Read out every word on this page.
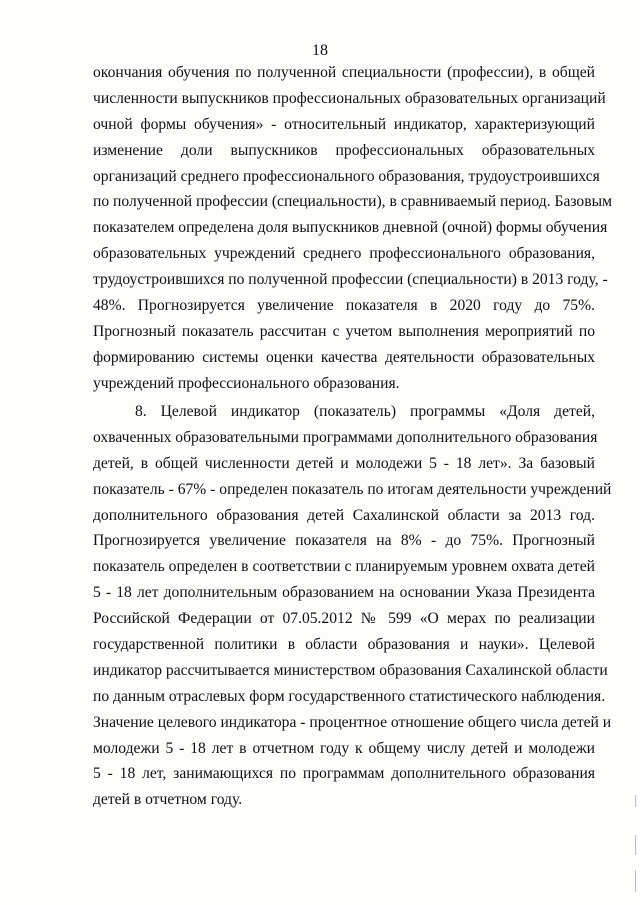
18
окончания обучения по полученной специальности (профессии), в общей
численности выпускников профессиональных образовательных организаций
очной формы обучения» - относительный индикатор, характеризующий
изменение доли выпускников профессиональных образовательных
организаций среднего профессионального образования, трудоустроившихся
по полученной профессии (специальности), в сравниваемый период. Базовым
показателем определена доля выпускников дневной (очной) формы обучения
образовательных учреждений среднего профессионального образования,
трудоустроившихся по полученной профессии (специальности) в 2013 году, -
48%. Прогнозируется увеличение показателя в 2020 году до 75%.
Прогнозный показатель рассчитан с учетом выполнения мероприятий по
формированию системы оценки качества деятельности образовательных
учреждений профессионального образования.
8. Целевой индикатор (показатель) программы «Доля детей,
охваченных образовательными программами дополнительного образования
детей, в общей численности детей и молодежи 5 - 18 лет». За базовый
показатель - 67% - определен показатель по итогам деятельности учреждений
дополнительного образования детей Сахалинской области за 2013 год.
Прогнозируется увеличение показателя на 8% - до 75%. Прогнозный
показатель определен в соответствии с планируемым уровнем охвата детей
5 - 18 лет дополнительным образованием на основании Указа Президента
Российской Федерации от 07.05.2012 № 599 «О мерах по реализации
государственной политики в области образования и науки». Целевой
индикатор рассчитывается министерством образования Сахалинской области
по данным отраслевых форм государственного статистического наблюдения.
Значение целевого индикатора - процентное отношение общего числа детей и
молодежи 5 - 18 лет в отчетном году к общему числу детей и молодежи
5 - 18 лет, занимающихся по программам дополнительного образования
детей в отчетном году.
